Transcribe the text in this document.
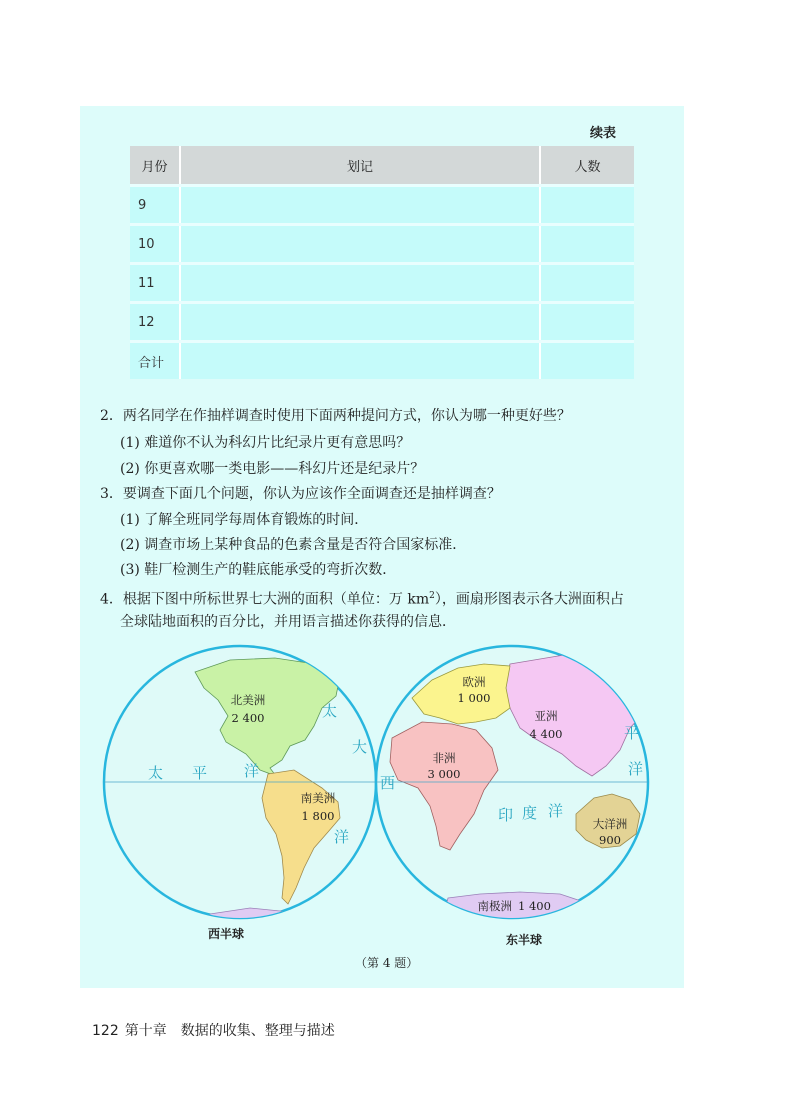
续表
月份	划记	人数
9		
10		
11		
12		
合计		
2．两名同学在作抽样调查时使用下面两种提问方式，你认为哪一种更好些？
(1) 难道你不认为科幻片比纪录片更有意思吗？
(2) 你更喜欢哪一类电影——科幻片还是纪录片？
3．要调查下面几个问题，你认为应该作全面调查还是抽样调查？
(1) 了解全班同学每周体育锻炼的时间．
(2) 调查市场上某种食品的色素含量是否符合国家标准．
(3) 鞋厂检测生产的鞋底能承受的弯折次数．
4．根据下图中所标世界七大洲的面积（单位：万 $km^2$），画扇形图表示各大洲面积占
全球陆地面积的百分比，并用语言描述你获得的信息．
北美洲
2 400
南美洲
1 800
欧洲
1 000
亚洲
4 400
非洲
3 000
大洋洲
900
南极洲 1 400
太 平 洋
太
大
西
洋
印 度 洋
平
洋
西半球	东半球
（第 4 题）
122 第十章　数据的收集、整理与描述
